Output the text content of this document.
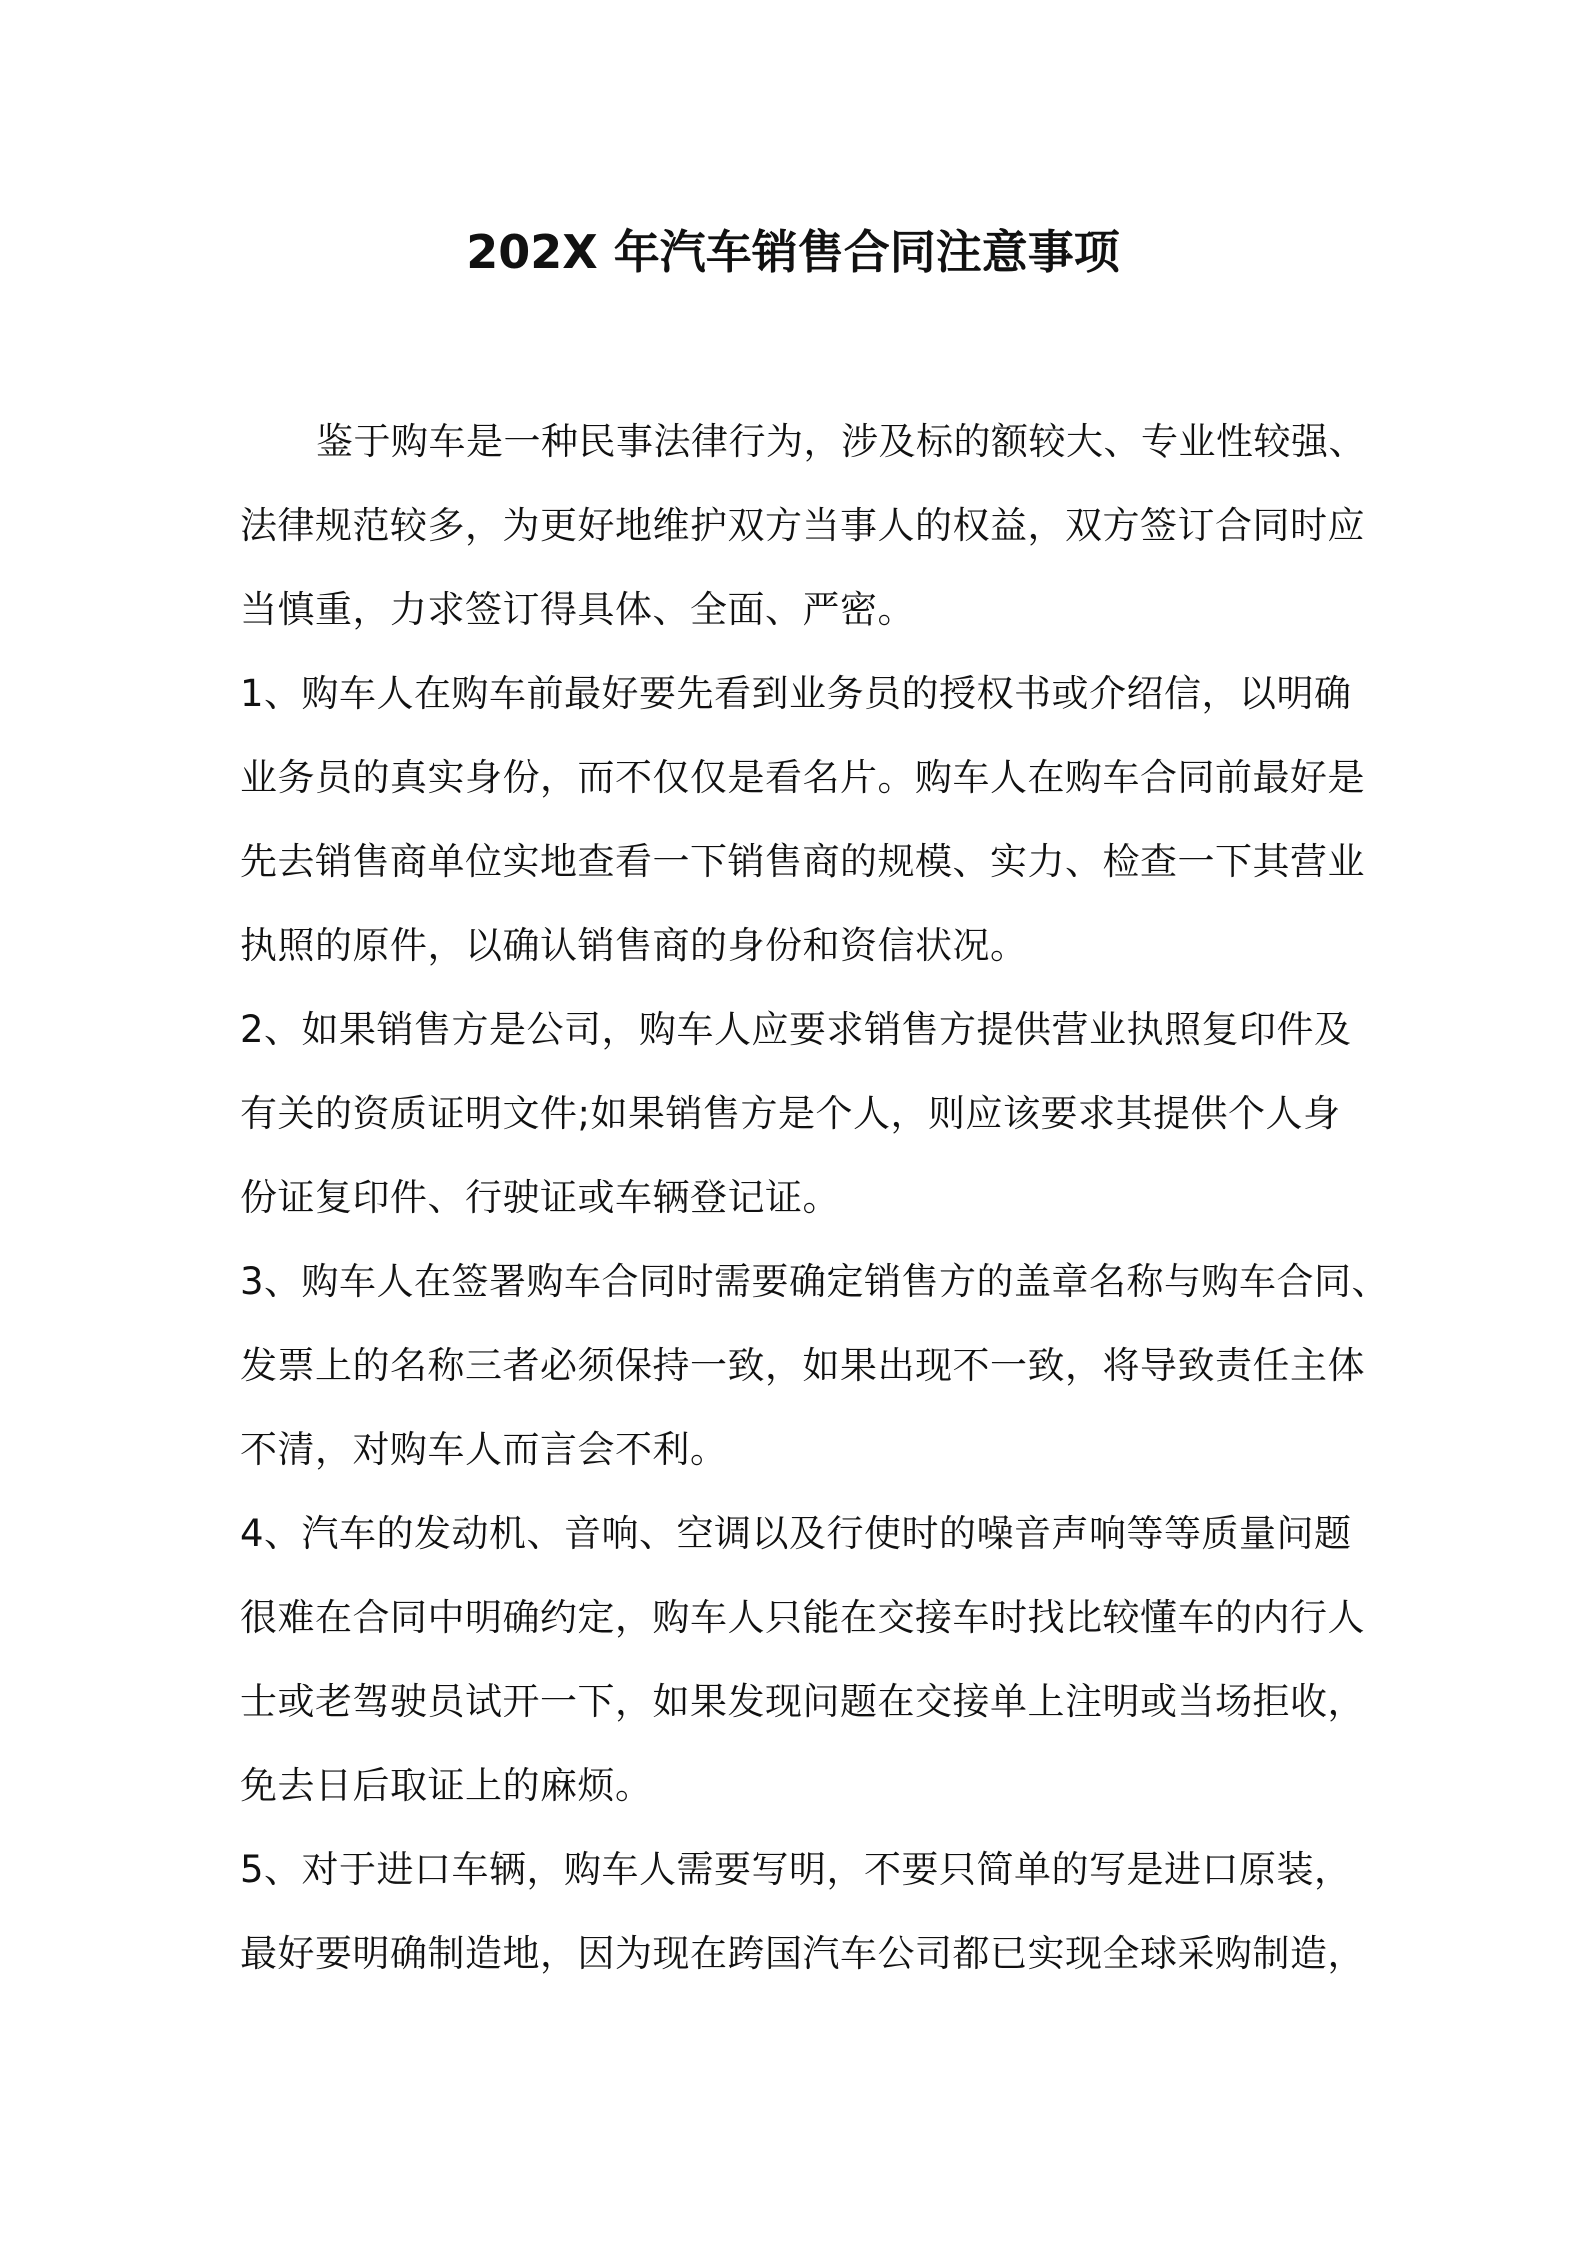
202X 年汽车销售合同注意事项
鉴于购车是一种民事法律行为，涉及标的额较大、专业性较强、
法律规范较多，为更好地维护双方当事人的权益，双方签订合同时应
当慎重，力求签订得具体、全面、严密。
1、购车人在购车前最好要先看到业务员的授权书或介绍信，以明确
业务员的真实身份，而不仅仅是看名片。购车人在购车合同前最好是
先去销售商单位实地查看一下销售商的规模、实力、检查一下其营业
执照的原件，以确认销售商的身份和资信状况。
2、如果销售方是公司，购车人应要求销售方提供营业执照复印件及
有关的资质证明文件;如果销售方是个人，则应该要求其提供个人身
份证复印件、行驶证或车辆登记证。
3、购车人在签署购车合同时需要确定销售方的盖章名称与购车合同、
发票上的名称三者必须保持一致，如果出现不一致，将导致责任主体
不清，对购车人而言会不利。
4、汽车的发动机、音响、空调以及行使时的噪音声响等等质量问题
很难在合同中明确约定，购车人只能在交接车时找比较懂车的内行人
士或老驾驶员试开一下，如果发现问题在交接单上注明或当场拒收，
免去日后取证上的麻烦。
5、对于进口车辆，购车人需要写明，不要只简单的写是进口原装，
最好要明确制造地，因为现在跨国汽车公司都已实现全球采购制造，
